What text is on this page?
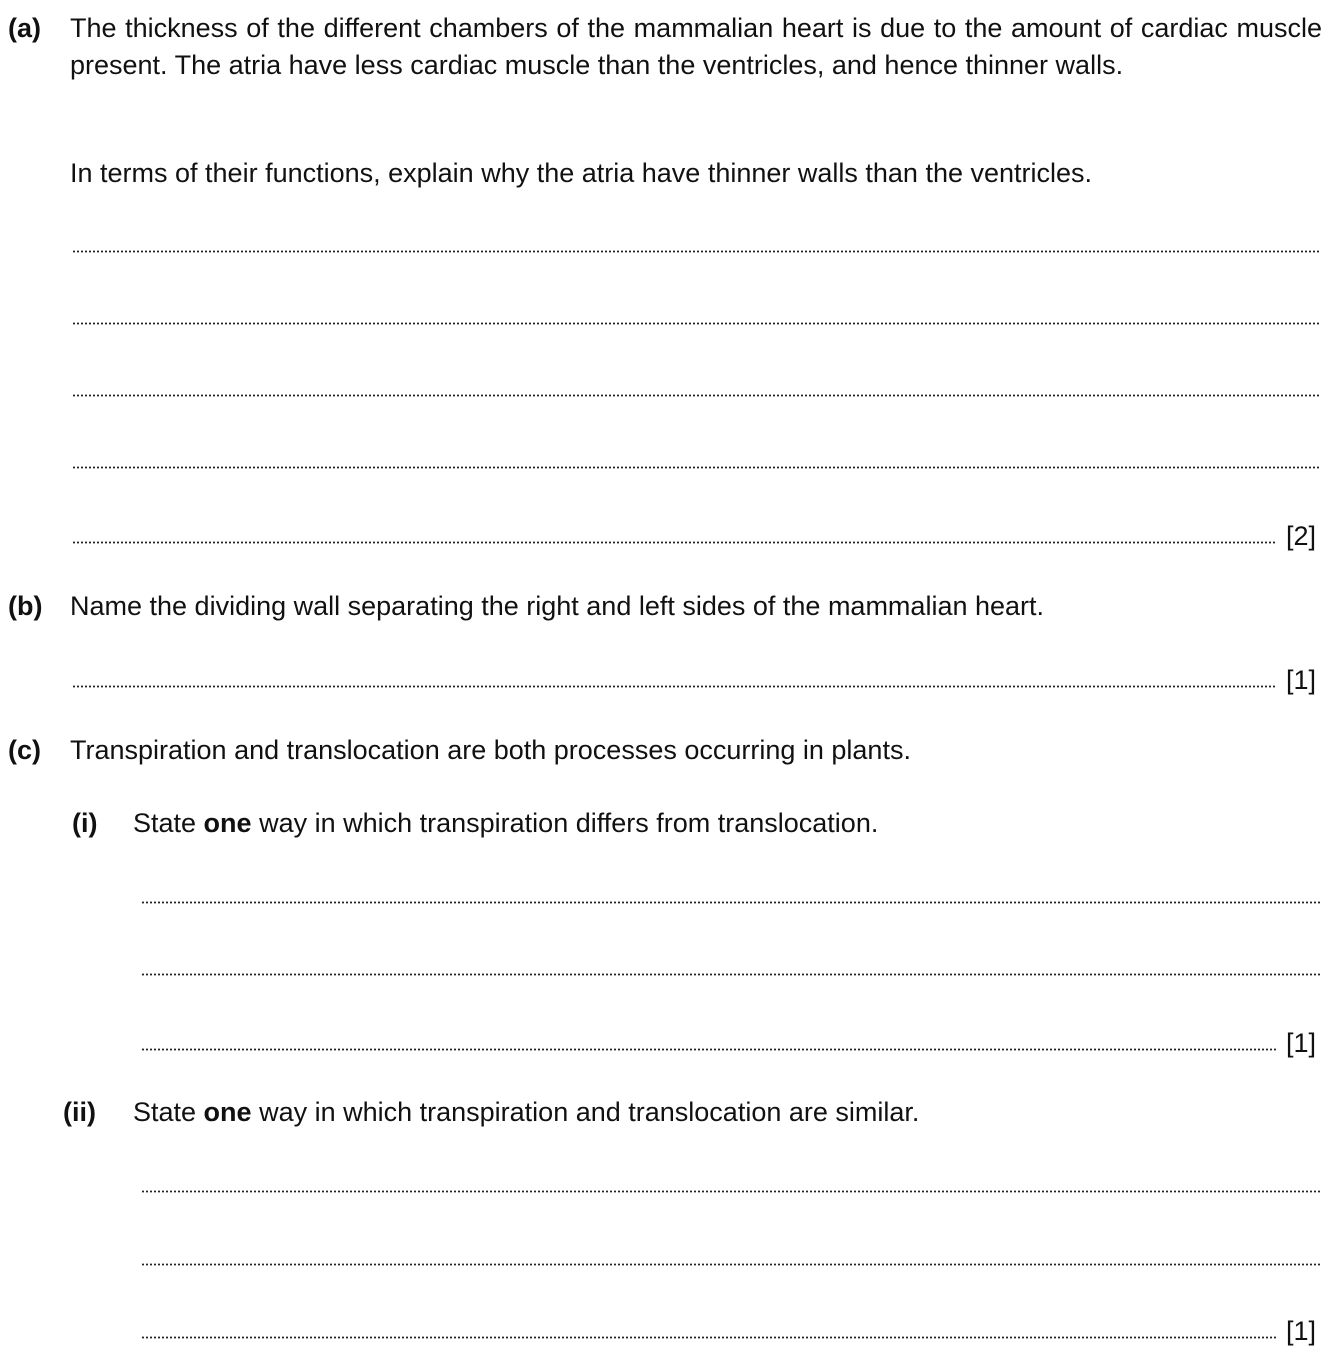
(a) The thickness of the different chambers of the mammalian heart is due to the amount of cardiac muscle present. The atria have less cardiac muscle than the ventricles, and hence thinner walls.
In terms of their functions, explain why the atria have thinner walls than the ventricles.
[2]
(b) Name the dividing wall separating the right and left sides of the mammalian heart.
[1]
(c) Transpiration and translocation are both processes occurring in plants.
(i) State one way in which transpiration differs from translocation.
[1]
(ii) State one way in which transpiration and translocation are similar.
[1]
